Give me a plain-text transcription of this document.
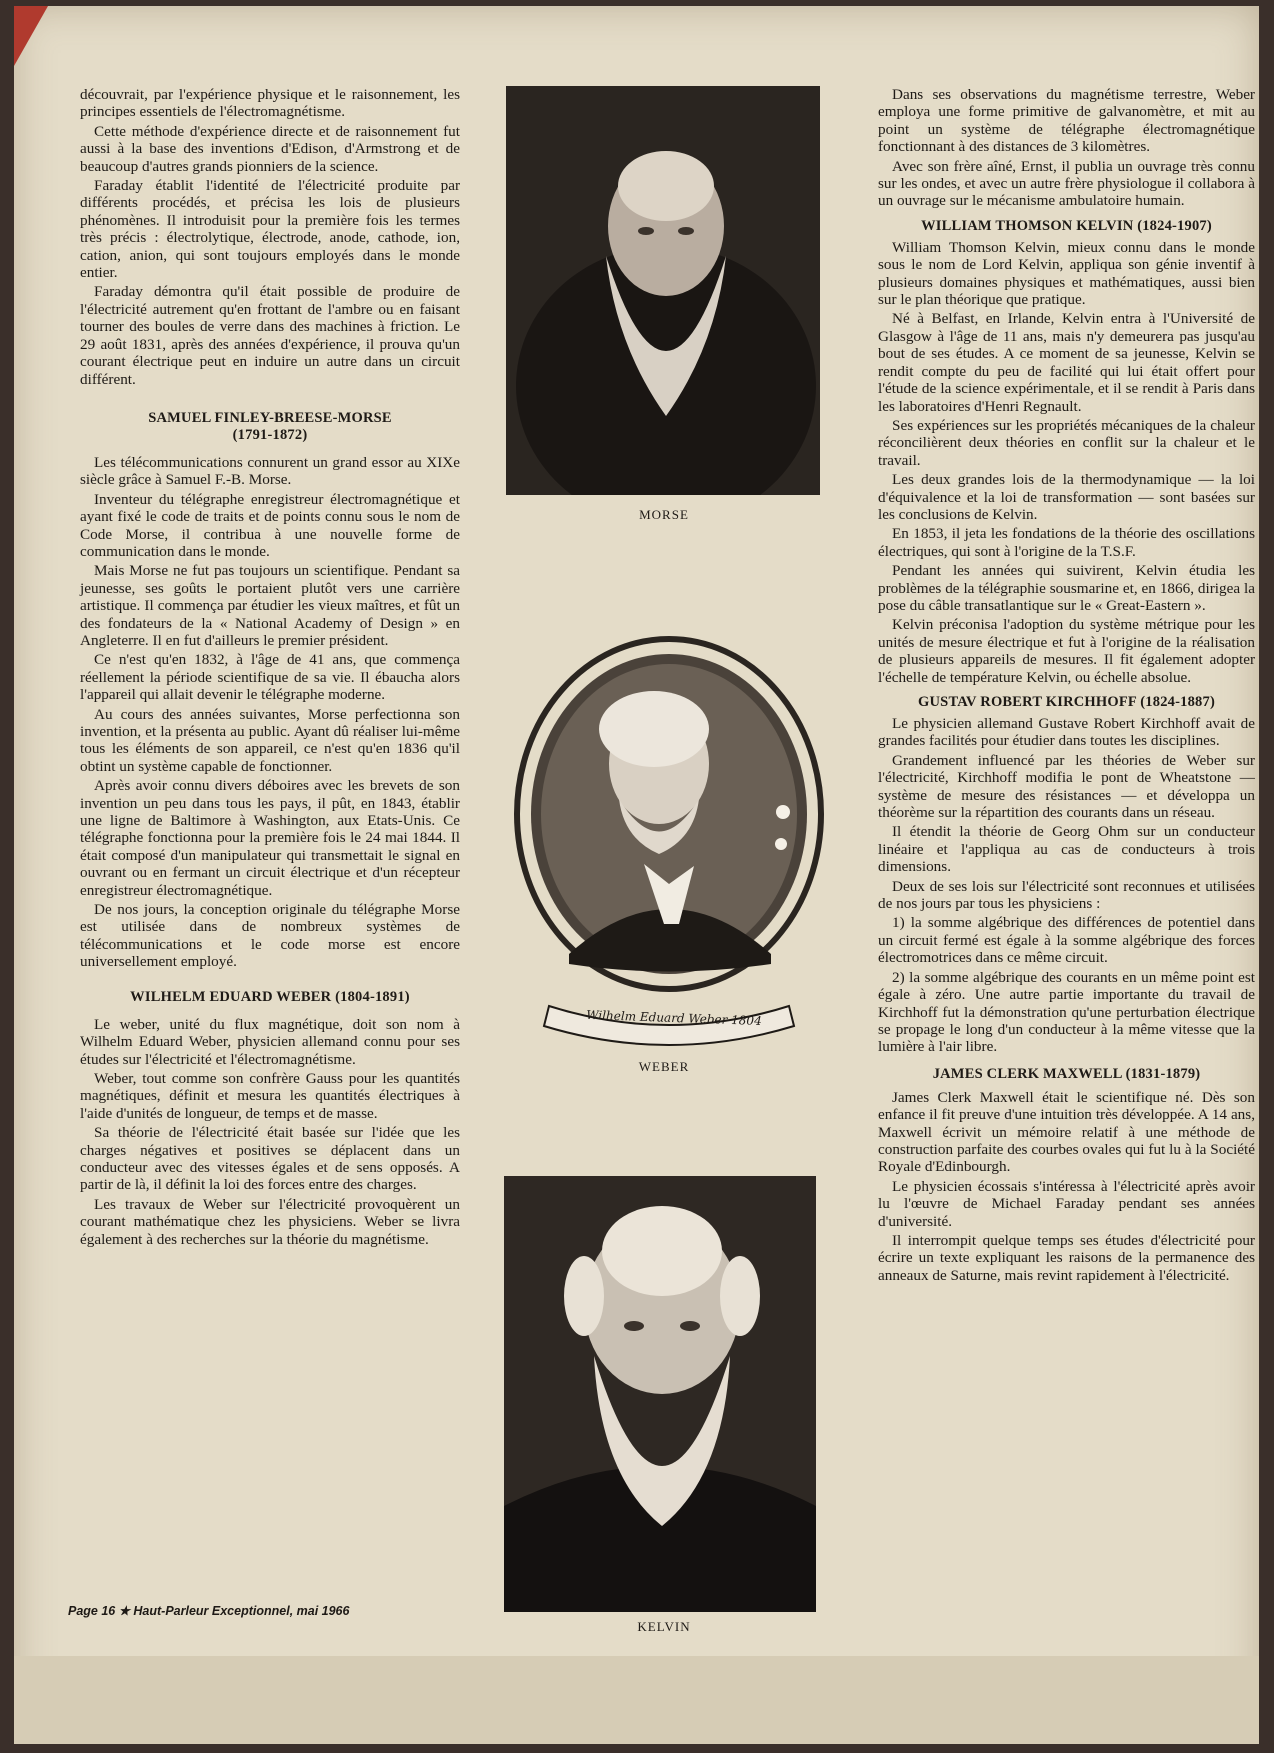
découvrait, par l'expérience physique et le raisonnement, les principes essentiels de l'électromagnétisme.

Cette méthode d'expérience directe et de raisonnement fut aussi à la base des inventions d'Edison, d'Armstrong et de beaucoup d'autres grands pionniers de la science.

Faraday établit l'identité de l'électricité produite par différents procédés, et précisa les lois de plusieurs phénomènes. Il introduisit pour la première fois les termes très précis : électrolytique, électrode, anode, cathode, ion, cation, anion, qui sont toujours employés dans le monde entier.

Faraday démontra qu'il était possible de produire de l'électricité autrement qu'en frottant de l'ambre ou en faisant tourner des boules de verre dans des machines à friction. Le 29 août 1831, après des années d'expérience, il prouva qu'un courant électrique peut en induire un autre dans un circuit différent.

SAMUEL FINLEY-BREESE-MORSE
(1791-1872)

Les télécommunications connurent un grand essor au XIXe siècle grâce à Samuel F.-B. Morse.

Inventeur du télégraphe enregistreur électromagnétique et ayant fixé le code de traits et de points connu sous le nom de Code Morse, il contribua à une nouvelle forme de communication dans le monde.

Mais Morse ne fut pas toujours un scientifique. Pendant sa jeunesse, ses goûts le portaient plutôt vers une carrière artistique. Il commença par étudier les vieux maîtres, et fût un des fondateurs de la « National Academy of Design » en Angleterre. Il en fut d'ailleurs le premier président.

Ce n'est qu'en 1832, à l'âge de 41 ans, que commença réellement la période scientifique de sa vie. Il ébaucha alors l'appareil qui allait devenir le télégraphe moderne.

Au cours des années suivantes, Morse perfectionna son invention, et la présenta au public. Ayant dû réaliser lui-même tous les éléments de son appareil, ce n'est qu'en 1836 qu'il obtint un système capable de fonctionner.

Après avoir connu divers déboires avec les brevets de son invention un peu dans tous les pays, il pût, en 1843, établir une ligne de Baltimore à Washington, aux Etats-Unis. Ce télégraphe fonctionna pour la première fois le 24 mai 1844. Il était composé d'un manipulateur qui transmettait le signal en ouvrant ou en fermant un circuit électrique et d'un récepteur enregistreur électromagnétique.

De nos jours, la conception originale du télégraphe Morse est utilisée dans de nombreux systèmes de télécommunications et le code morse est encore universellement employé.

WILHELM EDUARD WEBER (1804-1891)

Le weber, unité du flux magnétique, doit son nom à Wilhelm Eduard Weber, physicien allemand connu pour ses études sur l'électricité et l'électromagnétisme.

Weber, tout comme son confrère Gauss pour les quantités magnétiques, définit et mesura les quantités électriques à l'aide d'unités de longueur, de temps et de masse.

Sa théorie de l'électricité était basée sur l'idée que les charges négatives et positives se déplacent dans un conducteur avec des vitesses égales et de sens opposés. A partir de là, il définit la loi des forces entre des charges.

Les travaux de Weber sur l'électricité provoquèrent un courant mathématique chez les physiciens. Weber se livra également à des recherches sur la théorie du magnétisme.

MORSE
Wilhelm Eduard Weber 1804
WEBER
KELVIN

Dans ses observations du magnétisme terrestre, Weber employa une forme primitive de galvanomètre, et mit au point un système de télégraphe électromagnétique fonctionnant à des distances de 3 kilomètres.

Avec son frère aîné, Ernst, il publia un ouvrage très connu sur les ondes, et avec un autre frère physiologue il collabora à un ouvrage sur le mécanisme ambulatoire humain.

WILLIAM THOMSON KELVIN (1824-1907)

William Thomson Kelvin, mieux connu dans le monde sous le nom de Lord Kelvin, appliqua son génie inventif à plusieurs domaines physiques et mathématiques, aussi bien sur le plan théorique que pratique.

Né à Belfast, en Irlande, Kelvin entra à l'Université de Glasgow à l'âge de 11 ans, mais n'y demeurera pas jusqu'au bout de ses études. A ce moment de sa jeunesse, Kelvin se rendit compte du peu de facilité qui lui était offert pour l'étude de la science expérimentale, et il se rendit à Paris dans les laboratoires d'Henri Regnault.

Ses expériences sur les propriétés mécaniques de la chaleur réconcilièrent deux théories en conflit sur la chaleur et le travail.

Les deux grandes lois de la thermodynamique — la loi d'équivalence et la loi de transformation — sont basées sur les conclusions de Kelvin.

En 1853, il jeta les fondations de la théorie des oscillations électriques, qui sont à l'origine de la T.S.F.

Pendant les années qui suivirent, Kelvin étudia les problèmes de la télégraphie sousmarine et, en 1866, dirigea la pose du câble transatlantique sur le « Great-Eastern ».

Kelvin préconisa l'adoption du système métrique pour les unités de mesure électrique et fut à l'origine de la réalisation de plusieurs appareils de mesures. Il fit également adopter l'échelle de température Kelvin, ou échelle absolue.

GUSTAV ROBERT KIRCHHOFF (1824-1887)

Le physicien allemand Gustave Robert Kirchhoff avait de grandes facilités pour étudier dans toutes les disciplines.

Grandement influencé par les théories de Weber sur l'électricité, Kirchhoff modifia le pont de Wheatstone — système de mesure des résistances — et développa un théorème sur la répartition des courants dans un réseau.

Il étendit la théorie de Georg Ohm sur un conducteur linéaire et l'appliqua au cas de conducteurs à trois dimensions.

Deux de ses lois sur l'électricité sont reconnues et utilisées de nos jours par tous les physiciens :

1) la somme algébrique des différences de potentiel dans un circuit fermé est égale à la somme algébrique des forces électromotrices dans ce même circuit.

2) la somme algébrique des courants en un même point est égale à zéro. Une autre partie importante du travail de Kirchhoff fut la démonstration qu'une perturbation électrique se propage le long d'un conducteur à la même vitesse que la lumière à l'air libre.

JAMES CLERK MAXWELL (1831-1879)

James Clerk Maxwell était le scientifique né. Dès son enfance il fit preuve d'une intuition très développée. A 14 ans, Maxwell écrivit un mémoire relatif à une méthode de construction parfaite des courbes ovales qui fut lu à la Société Royale d'Edinbourgh.

Le physicien écossais s'intéressa à l'électricité après avoir lu l'œuvre de Michael Faraday pendant ses années d'université.

Il interrompit quelque temps ses études d'électricité pour écrire un texte expliquant les raisons de la permanence des anneaux de Saturne, mais revint rapidement à l'électricité.

Page 16 ★ Haut-Parleur Exceptionnel, mai 1966
